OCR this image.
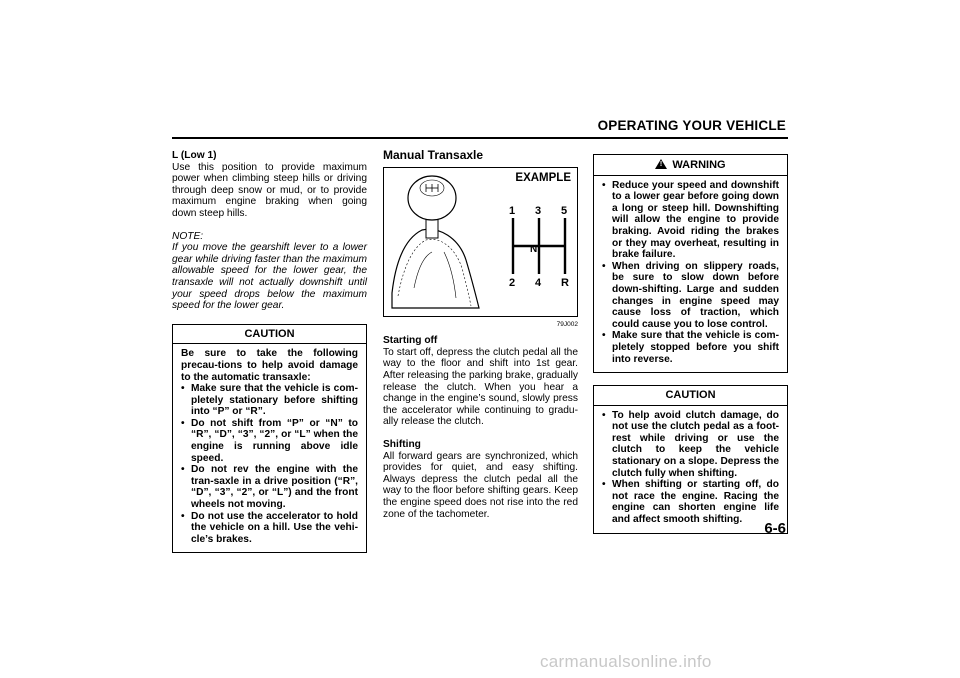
OPERATING YOUR VEHICLE
L (Low 1)

Use this position to provide maximum power when climbing steep hills or driving through deep snow or mud, or to provide maximum engine braking when going down steep hills.

NOTE:

If you move the gearshift lever to a lower gear while driving faster than the maximum allowable speed for the lower gear, the transaxle will not actually downshift until your speed drops below the maximum speed for the lower gear.

CAUTION

Be sure to take the following precau-tions to help avoid damage to the automatic transaxle:

• Make sure that the vehicle is com-pletely stationary before shifting into “P” or “R”.
• Do not shift from “P” or “N” to “R”, “D”, “3”, “2”, or “L” when the engine is running above idle speed.
• Do not rev the engine with the tran-saxle in a drive position (“R”, “D”, “3”, “2”, or “L”) and the front wheels not moving.
• Do not use the accelerator to hold the vehicle on a hill. Use the vehi-cle’s brakes.
Manual Transaxle
EXAMPLE
1 3 5
N
2 4 R
79J002
Starting off

To start off, depress the clutch pedal all the way to the floor and shift into 1st gear. After releasing the parking brake, gradually release the clutch. When you hear a change in the engine’s sound, slowly press the accelerator while continuing to gradu-ally release the clutch.

Shifting

All forward gears are synchronized, which provides for quiet, and easy shifting. Always depress the clutch pedal all the way to the floor before shifting gears. Keep the engine speed does not rise into the red zone of the tachometer.

! WARNING
• Reduce your speed and downshift to a lower gear before going down a long or steep hill. Downshifting will allow the engine to provide braking. Avoid riding the brakes or they may overheat, resulting in brake failure.
• When driving on slippery roads, be sure to slow down before down-shifting. Large and sudden changes in engine speed may cause loss of traction, which could cause you to lose control.
• Make sure that the vehicle is com-pletely stopped before you shift into reverse.
CAUTION
• To help avoid clutch damage, do not use the clutch pedal as a foot-rest while driving or use the clutch to keep the vehicle stationary on a slope. Depress the clutch fully when shifting.
• When shifting or starting off, do not race the engine. Racing the engine can shorten engine life and affect smooth shifting.
6-6
carmanualsonline.info
